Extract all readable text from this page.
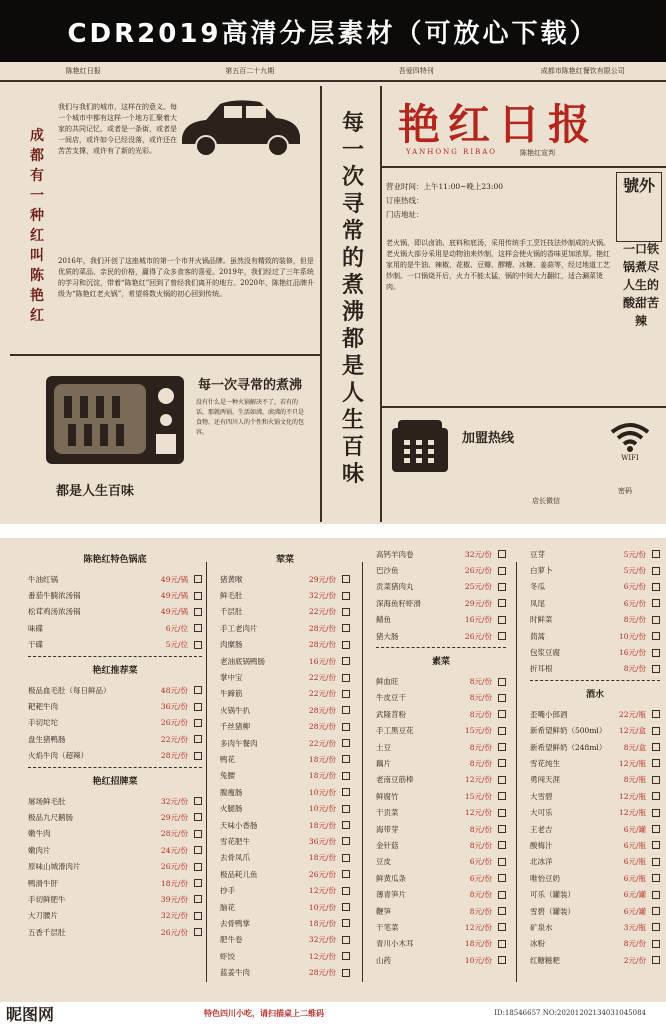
CDR2019高清分层素材（可放心下载）
陈艳红日报	第五百二十九期	吾爱四特刊	成都市陈艳红餐饮有限公司
成都有一种红叫陈艳红
我们与我们的城市，这样在的意义。每一个城市中都有这样一个地方汇聚着大家的共同记忆，或者是一条街，或者是一间店，或许如今已经没落，或许还在苦苦支撑，或许有了新的光彩。
2016年，我们开创了这座城市的第一个市井火锅品牌。虽然没有精致的装修，但是优质的菜品、亲民的价格，赢得了众多食客的喜爱。2019年，我们经过了三年系统的学习和沉淀，带着“陈艳红”回到了曾经我们离开的地方。2020年，陈艳红品牌升级为“陈艳红老火锅”，希望将数火锅的初心回到传统。
每一次寻常的煮沸
没有什么是一种火锅解决不了，若有的话，那就两锅。生活如沸，滚沸的不只是食物，还有四川人的个性和火锅文化的包容。
都是人生百味
每一次寻常的煮沸都是人生百味
艳红日报
YANHONG RIBAO	陈艳红宣判
营业时间：上午11:00~晚上23:00
订座热线：
门店地址：
號外
老火锅，即以卤油、底料和底汤，采用传统手工烹饪技法炒制成的火锅。老火锅大部分采用是动物油来炒制，这样会使火锅的香味更加浓厚。艳红家用的是牛油、辣椒、花椒、豆瓣、醪糟、冰糖、姜蒜等，经过地道工艺炒制。一口锅烧开后，火力不能太猛，锅的中间大力翻红，适合涮菜烫肉。
一口铁锅煮尽人生的酸甜苦辣
加盟热线
店长微信
WIFI
密码
陈艳红特色锅底
牛油红锅	49元/锅
番茄牛腩浓汤锅	49元/锅
松茸鸡汤浓汤锅	49元/锅
味碟	6元/位
干碟	5元/位
艳红推荐菜
极品血毛肚（每日鲜品）	48元/份
耙耙牛肉	36元/份
手切坨坨	26元/份
盘生猪鸭肠	22元/份
火焰牛肉（超辣）	28元/份
艳红招牌菜
屠场鲜毛肚	32元/份
极品九尺鹅肠	29元/份
嫩牛肉	28元/份
嫩肉片	24元/份
原味山城滑肉片	26元/份
鸭滑牛肝	18元/份
手切鲜肥牛	39元/份
大刀腰片	32元/份
五香千层肚	26元/份
荤菜
猪黄喉	29元/份
鲜毛肚	32元/份
千层肚	22元/份
手工老肉片	28元/份
肉糜肠	28元/份
老油底锅鸭肠	16元/份
掌中宝	22元/份
牛蹄筋	22元/份
火锅牛扒	28元/份
千丝猪柳	28元/份
多肉午餐肉	22元/份
鸭花	18元/份
兔腰	18元/份
腹瘦肠	10元/份
火腿肠	10元/份
天味小香肠	18元/份
雪花肥牛	36元/份
去骨凤爪	18元/份
极品耗儿鱼	26元/份
抄手	12元/份
脑花	10元/份
去骨鸭掌	18元/份
肥牛卷	32元/份
虾饺	12元/份
蓝姜牛肉	28元/份
高钙羊肉卷	32元/份
巴沙鱼	26元/份
贡菜猪肉丸	25元/份
深海鱼籽虾滑	29元/份
鲭鱼	16元/份
猪大肠	26元/份
素菜
鲜血旺	8元/份
牛皮豆干	8元/份
武隆苕粉	8元/份
手工黑豆花	15元/份
土豆	8元/份
藕片	8元/份
老南豆筋棒	12元/份
鲜腐竹	15元/份
干贡菜	12元/份
海带芽	8元/份
金针菇	8元/份
豆皮	6元/份
鲜黄瓜条	6元/份
薄青笋片	8元/份
鞭笋	8元/份
干笔菜	12元/份
青川小木耳	18元/份
山药	10元/份
豆芽	5元/份
白萝卜	5元/份
冬瓜	6元/份
凤尾	6元/份
时鲜菜	8元/份
茼蒿	10元/份
包浆豆腐	16元/份
折耳根	8元/份
酒水
歪嘴小郎酒	22元/瓶
新希望鲜奶（500ml）	12元/盒
新希望鲜奶（248ml）	8元/盒
雪花纯生	12元/瓶
勇闯天涯	8元/瓶
大雪碧	12元/瓶
大可乐	12元/瓶
王老吉	6元/罐
酸梅汁	6元/瓶
北冰洋	6元/瓶
唯怡豆奶	6元/瓶
可乐（罐装）	6元/罐
雪碧（罐装）	6元/罐
矿泉水	3元/瓶
冰粉	8元/份
红糖糍粑	2元/份
昵图网	特色四川小吃，请扫描桌上二维码	ID:18546657 NO:20201202134031045084
